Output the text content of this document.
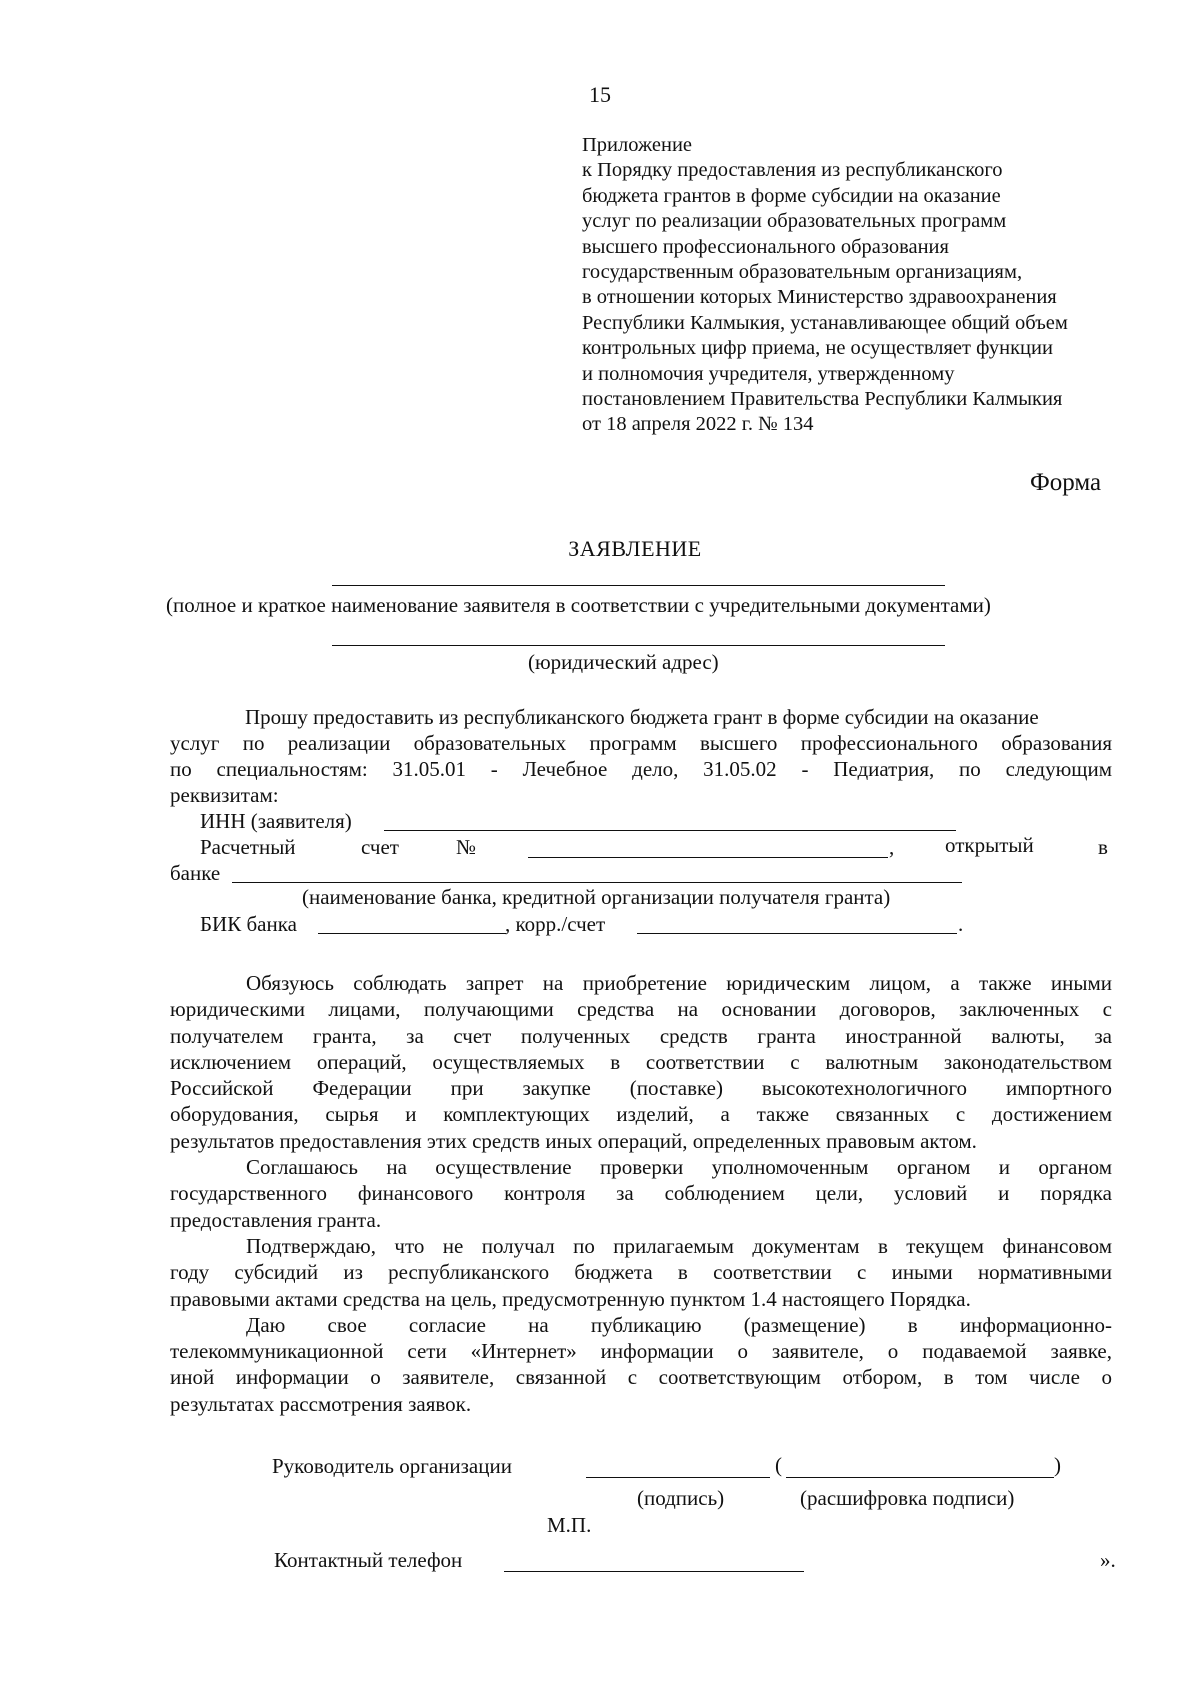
15
Приложение
к Порядку предоставления из республиканского
бюджета грантов в форме субсидии на оказание
услуг по реализации образовательных программ
высшего профессионального образования
государственным образовательным организациям,
в отношении которых Министерство здравоохранения
Республики Калмыкия, устанавливающее общий объем
контрольных цифр приема, не осуществляет функции
и полномочия учредителя, утвержденному
постановлением Правительства Республики Калмыкия
от 18 апреля 2022 г. № 134
Форма
ЗАЯВЛЕНИЕ
(полное и краткое наименование заявителя в соответствии с учредительными документами)
(юридический адрес)

Прошу предоставить из республиканского бюджета грант в форме субсидии на оказание

услуг по реализации образовательных программ высшего профессионального образования

по специальностям: 31.05.01 - Лечебное дело, 31.05.02 - Педиатрия, по следующим

реквизитам:

ИНН (заявителя)
Расчетный	счет	№	, открытый	в
банке
(наименование банка, кредитной организации получателя гранта)
БИК банка	, корр./счет	.

Обязуюсь соблюдать запрет на приобретение юридическим лицом, а также иными

юридическими лицами, получающими средства на основании договоров, заключенных с

получателем гранта, за счет полученных средств гранта иностранной валюты, за

исключением операций, осуществляемых в соответствии с валютным законодательством

Российской Федерации при закупке (поставке) высокотехнологичного импортного

оборудования, сырья и комплектующих изделий, а также связанных с достижением

результатов предоставления этих средств иных операций, определенных правовым актом.

Соглашаюсь на осуществление проверки уполномоченным органом и органом

государственного финансового контроля за соблюдением цели, условий и порядка

предоставления гранта.

Подтверждаю, что не получал по прилагаемым документам в текущем финансовом

году субсидий из республиканского бюджета в соответствии с иными нормативными

правовыми актами средства на цель, предусмотренную пунктом 1.4 настоящего Порядка.

Даю свое согласие на публикацию (размещение) в информационно-

телекоммуникационной сети «Интернет» информации о заявителе, о подаваемой заявке,

иной информации о заявителе, связанной с соответствующим отбором, в том числе о

результатах рассмотрения заявок.

Руководитель организации	(	)
(подпись)	(расшифровка подписи)
М.П.
Контактный телефон	».
